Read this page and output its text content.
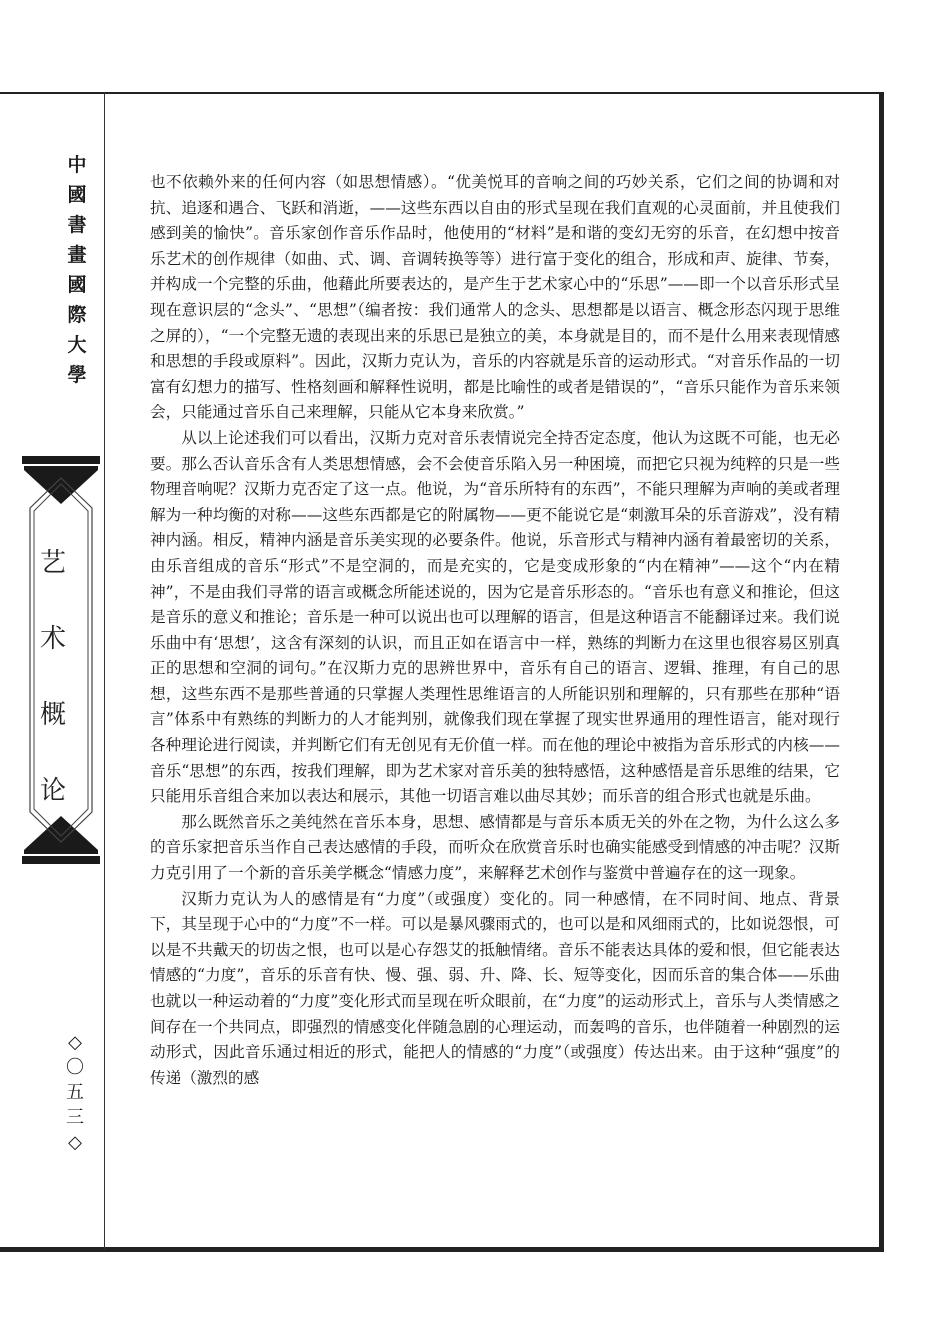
中
國
書
畫
國
際
大
學
艺
术
概
论
◇
〇
五
三
◇

也不依赖外来的任何内容（如思想情感）。“优美悦耳的音响之间的巧妙关系，它们之间的协调和对抗、追逐和遇合、飞跃和消逝，——这些东西以自由的形式呈现在我们直观的心灵面前，并且使我们感到美的愉快”。音乐家创作音乐作品时，他使用的“材料”是和谐的变幻无穷的乐音，在幻想中按音乐艺术的创作规律（如曲、式、调、音调转换等等）进行富于变化的组合，形成和声、旋律、节奏，并构成一个完整的乐曲，他藉此所要表达的，是产生于艺术家心中的“乐思”——即一个以音乐形式呈现在意识层的“念头”、“思想”（编者按：我们通常人的念头、思想都是以语言、概念形态闪现于思维之屏的），“一个完整无遗的表现出来的乐思已是独立的美，本身就是目的，而不是什么用来表现情感和思想的手段或原料”。因此，汉斯力克认为，音乐的内容就是乐音的运动形式。“对音乐作品的一切富有幻想力的描写、性格刻画和解释性说明，都是比喻性的或者是错误的”，“音乐只能作为音乐来领会，只能通过音乐自己来理解，只能从它本身来欣赏。”

从以上论述我们可以看出，汉斯力克对音乐表情说完全持否定态度，他认为这既不可能，也无必要。那么否认音乐含有人类思想情感，会不会使音乐陷入另一种困境，而把它只视为纯粹的只是一些物理音响呢？汉斯力克否定了这一点。他说，为“音乐所特有的东西”，不能只理解为声响的美或者理解为一种均衡的对称——这些东西都是它的附属物——更不能说它是“刺激耳朵的乐音游戏”，没有精神内涵。相反，精神内涵是音乐美实现的必要条件。他说，乐音形式与精神内涵有着最密切的关系，由乐音组成的音乐“形式”不是空洞的，而是充实的，它是变成形象的“内在精神”——这个“内在精神”，不是由我们寻常的语言或概念所能述说的，因为它是音乐形态的。“音乐也有意义和推论，但这是音乐的意义和推论；音乐是一种可以说出也可以理解的语言，但是这种语言不能翻译过来。我们说乐曲中有‘思想’，这含有深刻的认识，而且正如在语言中一样，熟练的判断力在这里也很容易区别真正的思想和空洞的词句。”在汉斯力克的思辨世界中，音乐有自己的语言、逻辑、推理，有自己的思想，这些东西不是那些普通的只掌握人类理性思维语言的人所能识别和理解的，只有那些在那种“语言”体系中有熟练的判断力的人才能判别，就像我们现在掌握了现实世界通用的理性语言，能对现行各种理论进行阅读，并判断它们有无创见有无价值一样。而在他的理论中被指为音乐形式的内核——音乐“思想”的东西，按我们理解，即为艺术家对音乐美的独特感悟，这种感悟是音乐思维的结果，它只能用乐音组合来加以表达和展示，其他一切语言难以曲尽其妙；而乐音的组合形式也就是乐曲。

那么既然音乐之美纯然在音乐本身，思想、感情都是与音乐本质无关的外在之物，为什么这么多的音乐家把音乐当作自己表达感情的手段，而听众在欣赏音乐时也确实能感受到情感的冲击呢？汉斯力克引用了一个新的音乐美学概念“情感力度”，来解释艺术创作与鉴赏中普遍存在的这一现象。

汉斯力克认为人的感情是有“力度”（或强度）变化的。同一种感情，在不同时间、地点、背景下，其呈现于心中的“力度”不一样。可以是暴风骤雨式的，也可以是和风细雨式的，比如说怨恨，可以是不共戴天的切齿之恨，也可以是心存怨艾的抵触情绪。音乐不能表达具体的爱和恨，但它能表达情感的“力度”，音乐的乐音有快、慢、强、弱、升、降、长、短等变化，因而乐音的集合体——乐曲也就以一种运动着的“力度”变化形式而呈现在听众眼前，在“力度”的运动形式上，音乐与人类情感之间存在一个共同点，即强烈的情感变化伴随急剧的心理运动，而轰鸣的音乐，也伴随着一种剧烈的运动形式，因此音乐通过相近的形式，能把人的情感的“力度”（或强度）传达出来。由于这种“强度”的传递（激烈的感
